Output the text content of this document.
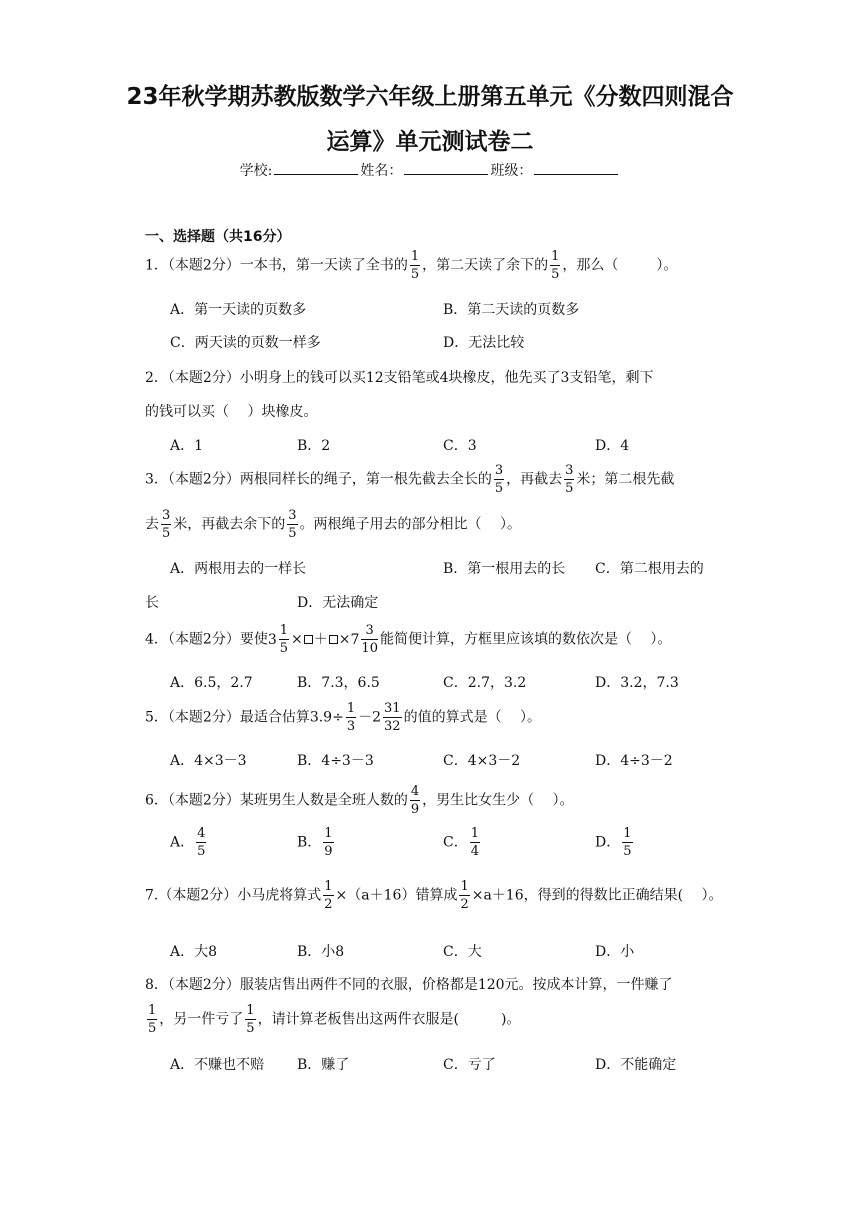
23年秋学期苏教版数学六年级上册第五单元《分数四则混合
运算》单元测试卷二
学校:	姓名：	班级：
一、选择题（共16分）
1．（本题2分）一本书，第一天读了全书的 $\frac{1}{5}$ ，第二天读了余下的 $\frac{1}{5}$ ，那么（	）。
A．第一天读的页数多	B．第二天读的页数多
C．两天读的页数一样多	D．无法比较
2．（本题2分）小明身上的钱可以买12支铅笔或4块橡皮，他先买了3支铅笔，剩下
的钱可以买（　 ）块橡皮。
A．1	B．2	C．3	D．4
3．（本题2分）两根同样长的绳子，第一根先截去全长的 $\frac{3}{5}$ ，再截去 $\frac{3}{5}$ 米；第二根先截
去 $\frac{3}{5}$ 米，再截去余下的 $\frac{3}{5}$ 。两根绳子用去的部分相比（　 ）。
A．两根用去的一样长	B．第一根用去的长 C．第二根用去的
长	D．无法确定
4．（本题2分）要使 $3 \frac{1}{5}$ × ＋ × $7 \frac{3}{10}$ 能简便计算，方框里应该填的数依次是（　 ）。
A．6.5，2.7	B．7.3，6.5	C．2.7，3.2	D．3.2，7.3
5．（本题2分）最适合估算$3.9\div \frac{1}{3} -2 \frac{31}{32}$ 的值的算式是（　 ）。
A．4×3－3	B．4÷3－3	C．4×3－2	D．4÷3－2
6．（本题2分）某班男生人数是全班人数的 $\frac{4}{9}$ ，男生比女生少（　 ）。
A． $\frac{4}{5}$	B． $\frac{1}{9}$	C． $\frac{1}{4}$	D． $\frac{1}{5}$
7.（本题2分）小马虎将算式 $\frac{1}{2} \times(a+16)$错算成 $\frac{1}{2} \times a+16$，得到的得数比正确结果(　 ）。
A．大8	B．小8	C．大	D．小
8．（本题2分）服装店售出两件不同的衣服，价格都是120元。按成本计算，一件赚了
$\frac{1}{5}$ ，另一件亏了 $\frac{1}{5}$ ，请计算老板售出这两件衣服是(　　　)。
A．不赚也不赔 B．赚了	C．亏了	D．不能确定
